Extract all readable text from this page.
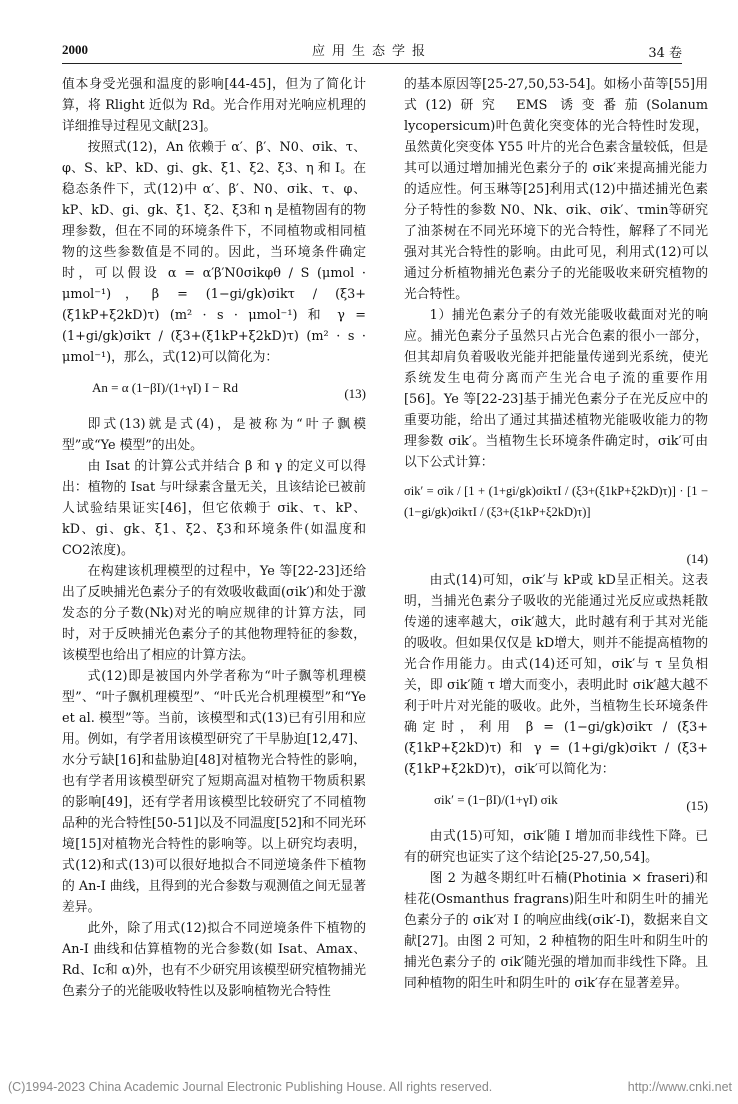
2000	应用生态学报	34 卷

值本身受光强和温度的影响[44-45]，但为了简化计算，将 Rlight 近似为 Rd。光合作用对光响应机理的详细推导过程见文献[23]。

按照式(12)，An 依赖于 α′、β′、N0、σik、τ、φ、S、kP、kD、gi、gk、ξ1、ξ2、ξ3、η 和 I。在稳态条件下，式(12)中 α′、β′、N0、σik、τ、φ、kP、kD、gi、gk、ξ1、ξ2、ξ3和 η 是植物固有的物理参数，但在不同的环境条件下，不同植物或相同植物的这些参数值是不同的。因此，当环境条件确定时，可以假设 α = α′β′N0σikφθ / S (μmol · μmol⁻¹)，β = (1−gi/gk)σikτ / (ξ3+(ξ1kP+ξ2kD)τ) (m² · s · μmol⁻¹) 和 γ = (1+gi/gk)σikτ / (ξ3+(ξ1kP+ξ2kD)τ) (m² · s · μmol⁻¹)，那么，式(12)可以简化为：

An = α (1−βI)/(1+γI) I − Rd	(13)

即式(13)就是式(4)，是被称为“叶子飘模型”或“Ye 模型”的出处。

由 Isat 的计算公式并结合 β 和 γ 的定义可以得出：植物的 Isat 与叶绿素含量无关，且该结论已被前人试验结果证实[46]，但它依赖于 σik、τ、kP、kD、gi、gk、ξ1、ξ2、ξ3和环境条件(如温度和 CO2浓度)。

在构建该机理模型的过程中，Ye 等[22-23]还给出了反映捕光色素分子的有效吸收截面(σik′)和处于激发态的分子数(Nk)对光的响应规律的计算方法，同时，对于反映捕光色素分子的其他物理特征的参数，该模型也给出了相应的计算方法。

式(12)即是被国内外学者称为“叶子飘等机理模型”、“叶子飘机理模型”、“叶氏光合机理模型”和“Ye et al. 模型”等。当前，该模型和式(13)已有引用和应用。例如，有学者用该模型研究了干旱胁迫[12,47]、水分亏缺[16]和盐胁迫[48]对植物光合特性的影响，也有学者用该模型研究了短期高温对植物干物质积累的影响[49]，还有学者用该模型比较研究了不同植物品种的光合特性[50-51]以及不同温度[52]和不同光环境[15]对植物光合特性的影响等。以上研究均表明，式(12)和式(13)可以很好地拟合不同逆境条件下植物的 An-I 曲线，且得到的光合参数与观测值之间无显著差异。

此外，除了用式(12)拟合不同逆境条件下植物的 An-I 曲线和估算植物的光合参数(如 Isat、Amax、Rd、Ic和 α)外，也有不少研究用该模型研究植物捕光色素分子的光能吸收特性以及影响植物光合特性

的基本原因等[25-27,50,53-54]。如杨小苗等[55]用式(12)研究 EMS 诱变番茄(Solanum lycopersicum)叶色黄化突变体的光合特性时发现，虽然黄化突变体 Y55 叶片的光合色素含量较低，但是其可以通过增加捕光色素分子的 σik′来提高捕光能力的适应性。何玉琳等[25]利用式(12)中描述捕光色素分子特性的参数 N0、Nk、σik、σik′、τmin等研究了油茶树在不同光环境下的光合特性，解释了不同光强对其光合特性的影响。由此可见，利用式(12)可以通过分析植物捕光色素分子的光能吸收来研究植物的光合特性。

1）捕光色素分子的有效光能吸收截面对光的响应。捕光色素分子虽然只占光合色素的很小一部分，但其却肩负着吸收光能并把能量传递到光系统，使光系统发生电荷分离而产生光合电子流的重要作用[56]。Ye 等[22-23]基于捕光色素分子在光反应中的重要功能，给出了通过其描述植物光能吸收能力的物理参数 σik′。当植物生长环境条件确定时，σik′可由以下公式计算：

σik′ = σik / [1 + (1+gi/gk)σikτI / (ξ3+(ξ1kP+ξ2kD)τ)] · [1 − (1−gi/gk)σikτI / (ξ3+(ξ1kP+ξ2kD)τ)]
(14)

由式(14)可知，σik′与 kP或 kD呈正相关。这表明，当捕光色素分子吸收的光能通过光反应或热耗散传递的速率越大，σik′越大，此时越有利于其对光能的吸收。但如果仅仅是 kD增大，则并不能提高植物的光合作用能力。由式(14)还可知，σik′与 τ 呈负相关，即 σik′随 τ 增大而变小，表明此时 σik′越大越不利于叶片对光能的吸收。此外，当植物生长环境条件确定时，利用 β = (1−gi/gk)σikτ / (ξ3+(ξ1kP+ξ2kD)τ) 和 γ = (1+gi/gk)σikτ / (ξ3+(ξ1kP+ξ2kD)τ)，σik′可以简化为：

σik′ = (1−βI)/(1+γI) σik	(15)

由式(15)可知，σik′随 I 增加而非线性下降。已有的研究也证实了这个结论[25-27,50,54]。

图 2 为越冬期红叶石楠(Photinia × fraseri)和桂花(Osmanthus fragrans)阳生叶和阴生叶的捕光色素分子的 σik′对 I 的响应曲线(σik′-I)，数据来自文献[27]。由图 2 可知，2 种植物的阳生叶和阴生叶的捕光色素分子的 σik′随光强的增加而非线性下降。且同种植物的阳生叶和阴生叶的 σik′存在显著差异。

(C)1994-2023 China Academic Journal Electronic Publishing House. All rights reserved.	http://www.cnki.net
